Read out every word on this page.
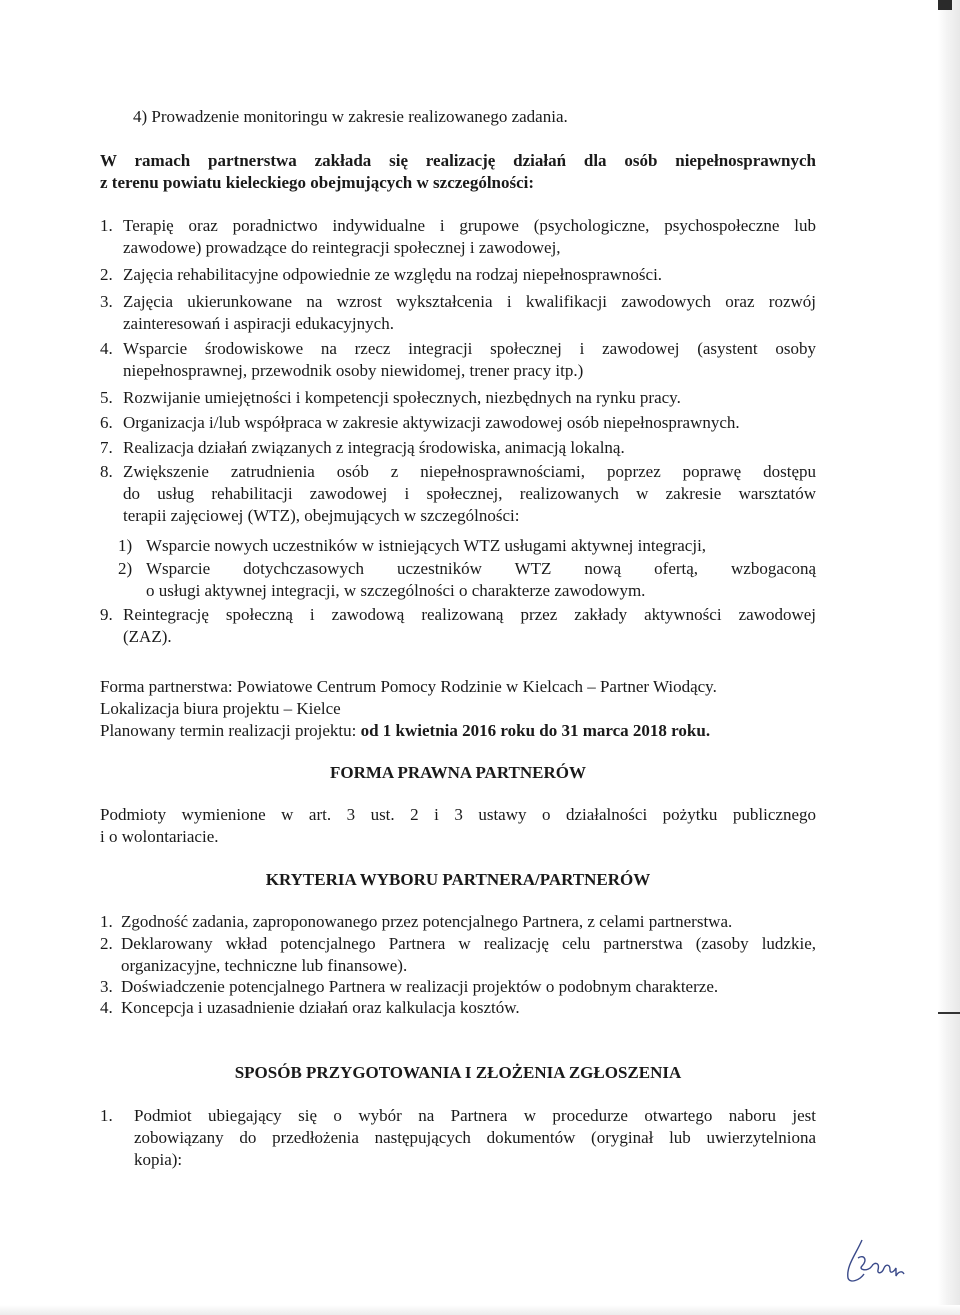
4) Prowadzenie monitoringu w zakresie realizowanego zadania.
W ramach partnerstwa zakłada się realizację działań dla osób niepełnosprawnych
z terenu powiatu kieleckiego obejmujących w szczególności:
1. Terapię oraz poradnictwo indywidualne i grupowe (psychologiczne, psychospołeczne lub
zawodowe) prowadzące do reintegracji społecznej i zawodowej,
2. Zajęcia rehabilitacyjne odpowiednie ze względu na rodzaj niepełnosprawności.
3. Zajęcia ukierunkowane na wzrost wykształcenia i kwalifikacji zawodowych oraz rozwój
zainteresowań i aspiracji edukacyjnych.
4. Wsparcie środowiskowe na rzecz integracji społecznej i zawodowej (asystent osoby
niepełnosprawnej, przewodnik osoby niewidomej, trener pracy itp.)
5. Rozwijanie umiejętności i kompetencji społecznych, niezbędnych na rynku pracy.
6. Organizacja i/lub współpraca w zakresie aktywizacji zawodowej osób niepełnosprawnych.
7. Realizacja działań związanych z integracją środowiska, animacją lokalną.
8. Zwiększenie zatrudnienia osób z niepełnosprawnościami, poprzez poprawę dostępu
do usług rehabilitacji zawodowej i społecznej, realizowanych w zakresie warsztatów
terapii zajęciowej (WTZ), obejmujących w szczególności:
1) Wsparcie nowych uczestników w istniejących WTZ usługami aktywnej integracji,
2) Wsparcie dotychczasowych uczestników WTZ nową ofertą, wzbogaconą
o usługi aktywnej integracji, w szczególności o charakterze zawodowym.
9. Reintegrację społeczną i zawodową realizowaną przez zakłady aktywności zawodowej
(ZAZ).
Forma partnerstwa: Powiatowe Centrum Pomocy Rodzinie w Kielcach – Partner Wiodący.
Lokalizacja biura projektu – Kielce
Planowany termin realizacji projektu: od 1 kwietnia 2016 roku do 31 marca 2018 roku.
FORMA PRAWNA PARTNERÓW
Podmioty wymienione w art. 3 ust. 2 i 3 ustawy o działalności pożytku publicznego
i o wolontariacie.
KRYTERIA WYBORU PARTNERA/PARTNERÓW
1. Zgodność zadania, zaproponowanego przez potencjalnego Partnera, z celami partnerstwa.
2. Deklarowany wkład potencjalnego Partnera w realizację celu partnerstwa (zasoby ludzkie,
organizacyjne, techniczne lub finansowe).
3. Doświadczenie potencjalnego Partnera w realizacji projektów o podobnym charakterze.
4. Koncepcja i uzasadnienie działań oraz kalkulacja kosztów.
SPOSÓB PRZYGOTOWANIA I ZŁOŻENIA ZGŁOSZENIA
1.	Podmiot ubiegający się o wybór na Partnera w procedurze otwartego naboru jest
zobowiązany do przedłożenia następujących dokumentów (oryginał lub uwierzytelniona
kopia):
